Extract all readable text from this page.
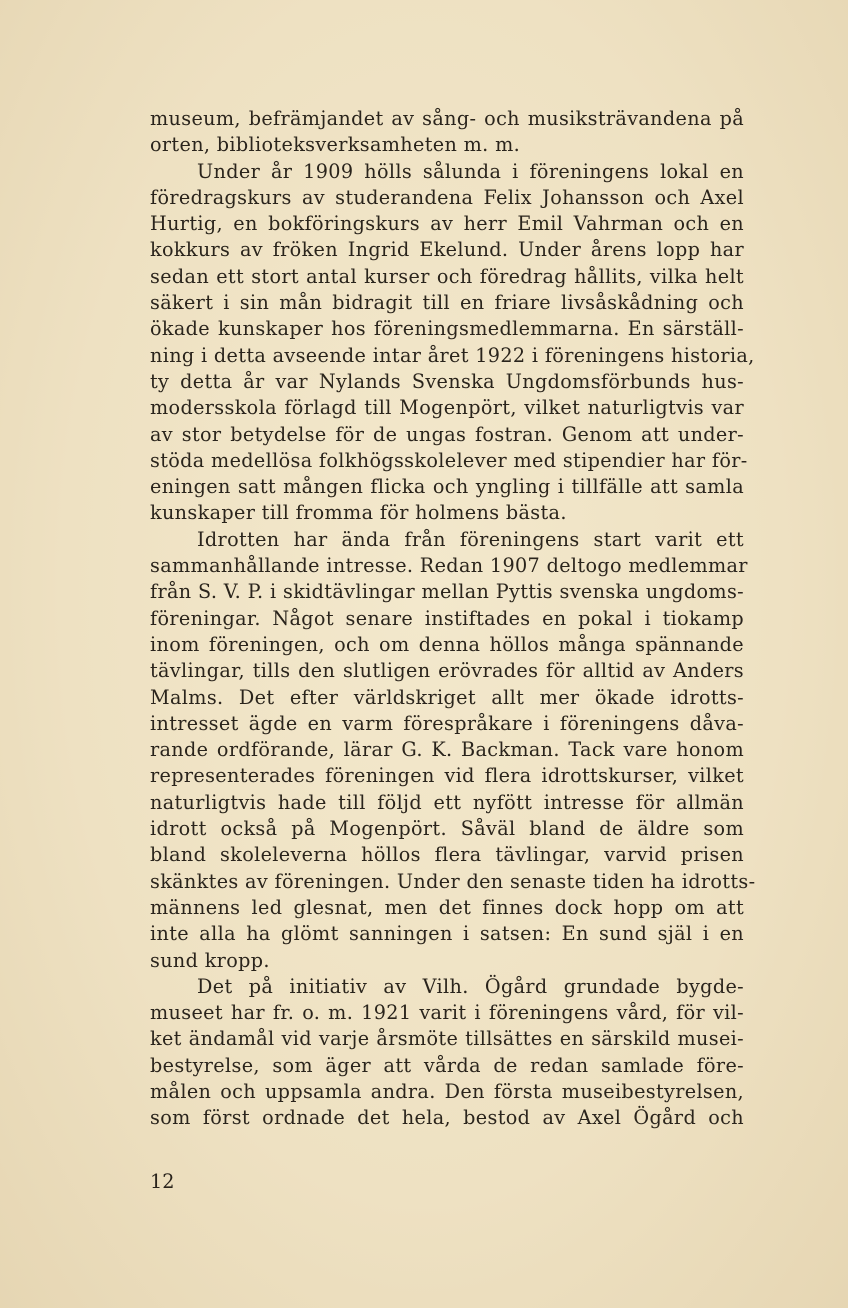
museum, befrämjandet av sång- och musiksträvandena på
orten, biblioteksverksamheten m. m.
Under år 1909 hölls sålunda i föreningens lokal en
föredragskurs av studerandena Felix Johansson och Axel
Hurtig, en bokföringskurs av herr Emil Vahrman och en
kokkurs av fröken Ingrid Ekelund. Under årens lopp har
sedan ett stort antal kurser och föredrag hållits, vilka helt
säkert i sin mån bidragit till en friare livsåskådning och
ökade kunskaper hos föreningsmedlemmarna. En särställ-
ning i detta avseende intar året 1922 i föreningens historia,
ty detta år var Nylands Svenska Ungdomsförbunds hus-
modersskola förlagd till Mogenpört, vilket naturligtvis var
av stor betydelse för de ungas fostran. Genom att under-
stöda medellösa folkhögsskolelever med stipendier har för-
eningen satt mången flicka och yngling i tillfälle att samla
kunskaper till fromma för holmens bästa.
Idrotten har ända från föreningens start varit ett
sammanhållande intresse. Redan 1907 deltogo medlemmar
från S. V. P. i skidtävlingar mellan Pyttis svenska ungdoms-
föreningar. Något senare instiftades en pokal i tiokamp
inom föreningen, och om denna höllos många spännande
tävlingar, tills den slutligen erövrades för alltid av Anders
Malms. Det efter världskriget allt mer ökade idrotts-
intresset ägde en varm förespråkare i föreningens dåva-
rande ordförande, lärar G. K. Backman. Tack vare honom
representerades föreningen vid flera idrottskurser, vilket
naturligtvis hade till följd ett nyfött intresse för allmän
idrott också på Mogenpört. Såväl bland de äldre som
bland skoleleverna höllos flera tävlingar, varvid prisen
skänktes av föreningen. Under den senaste tiden ha idrotts-
männens led glesnat, men det finnes dock hopp om att
inte alla ha glömt sanningen i satsen: En sund själ i en
sund kropp.
Det på initiativ av Vilh. Ögård grundade bygde-
museet har fr. o. m. 1921 varit i föreningens vård, för vil-
ket ändamål vid varje årsmöte tillsättes en särskild musei-
bestyrelse, som äger att vårda de redan samlade före-
målen och uppsamla andra. Den första museibestyrelsen,
som först ordnade det hela, bestod av Axel Ögård och
12
